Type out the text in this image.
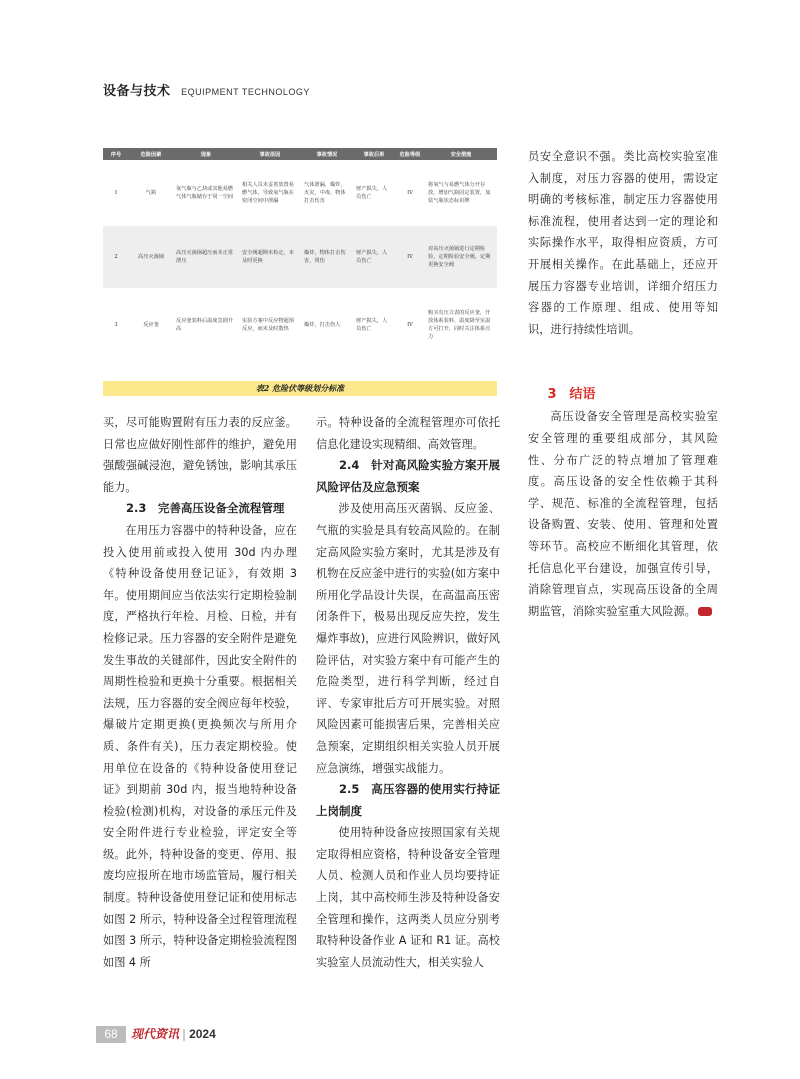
设备与技术 EQUIPMENT TECHNOLOGY
序号	危险因素	现象	事故原因	事故情况	事故后果	危险等级	安全措施
1	气瓶	氧气瓶与乙炔或其他易燃气体气瓶储存于同一空间	相关人员未妥善放置易燃气体，导致氧气瓶在密闭空间中泄漏	气体泄漏，爆炸，火灾，中毒，物体打击伤害	财产损失，人员伤亡	IV	将氧气与易燃气体分开存放，增加气瓶固定装置，加装气瓶状态标识牌
2	高压灭菌锅	高压灭菌锅超压而未正常泄压	安全阀超期未检定，未及时更换	爆炸，物体打击伤害，烫伤	财产损失，人员伤亡	IV	对高压灭菌锅进行定期检验，定期检验安全阀，定期更换安全阀
3	反应釜	反应釜装料后温度急剧升高	实验方案中反应物超预反应，而未及时散热	爆炸，打击伤人	财产损失，人员伤亡	IV	购买有压力表的反应釜，开放体系装料，温度降至室温方可打开，同时关注体系压力
表2 危险伏等级划分标准

买，尽可能购置附有压力表的反应釜。日常也应做好刚性部件的维护，避免用强酸强碱浸泡，避免锈蚀，影响其承压能力。

2.3　完善高压设备全流程管理

在用压力容器中的特种设备，应在投入使用前或投入使用 30d 内办理《特种设备使用登记证》，有效期 3 年。使用期间应当依法实行定期检验制度，严格执行年检、月检、日检，并有检修记录。压力容器的安全附件是避免发生事故的关键部件，因此安全附件的周期性检验和更换十分重要。根据相关法规，压力容器的安全阀应每年校验，爆破片定期更换(更换频次与所用介质、条件有关)，压力表定期校验。使用单位在设备的《特种设备使用登记证》到期前 30d 内，报当地特种设备检验(检测)机构，对设备的承压元件及安全附件进行专业检验，评定安全等级。此外，特种设备的变更、停用、报废均应报所在地市场监管局，履行相关制度。特种设备使用登记证和使用标志如图 2 所示，特种设备全过程管理流程如图 3 所示，特种设备定期检验流程图如图 4 所

示。特种设备的全流程管理亦可依托信息化建设实现精细、高效管理。

2.4　针对高风险实验方案开展风险评估及应急预案

涉及使用高压灭菌锅、反应釜、气瓶的实验是具有较高风险的。在制定高风险实验方案时，尤其是涉及有机物在反应釜中进行的实验(如方案中所用化学品设计失误，在高温高压密闭条件下，极易出现反应失控，发生爆炸事故)，应进行风险辨识，做好风险评估，对实验方案中有可能产生的危险类型，进行科学判断，经过自评、专家审批后方可开展实验。对照风险因素可能损害后果，完善相关应急预案，定期组织相关实验人员开展应急演练，增强实战能力。

2.5　高压容器的使用实行持证上岗制度

使用特种设备应按照国家有关规定取得相应资格，特种设备安全管理人员、检测人员和作业人员均要持证上岗，其中高校师生涉及特种设备安全管理和操作，这两类人员应分别考取特种设备作业 A 证和 R1 证。高校实验室人员流动性大，相关实验人

员安全意识不强。类比高校实验室准入制度，对压力容器的使用，需设定明确的考核标准，制定压力容器使用标准流程，使用者达到一定的理论和实际操作水平，取得相应资质，方可开展相关操作。在此基础上，还应开展压力容器专业培训，详细介绍压力容器的工作原理、组成、使用等知识，进行持续性培训。

3　结语

高压设备安全管理是高校实验室安全管理的重要组成部分，其风险性、分布广泛的特点增加了管理难度。高压设备的安全性依赖于其科学、规范、标准的全流程管理，包括设备购置、安装、使用、管理和处置等环节。高校应不断细化其管理，依托信息化平台建设，加强宣传引导，消除管理盲点，实现高压设备的全周期监管，消除实验室重大风险源。

68	现代资讯 | 2024
